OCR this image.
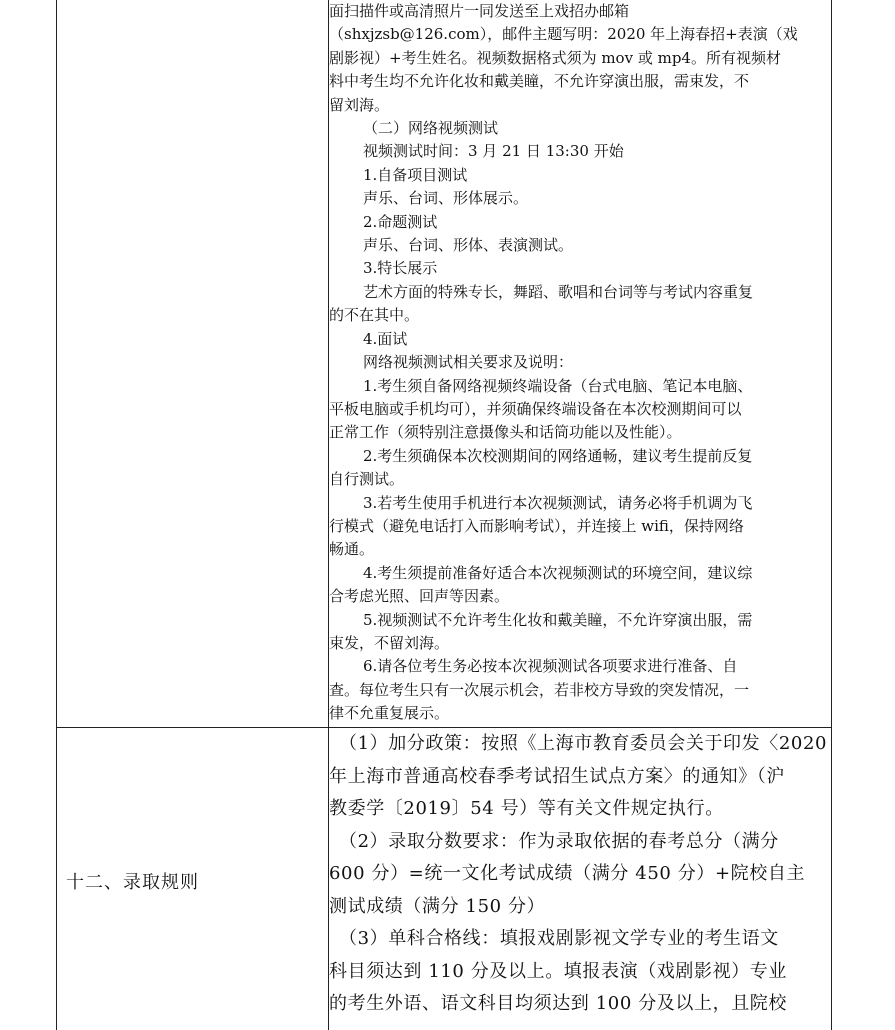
面扫描件或高清照片一同发送至上戏招办邮箱

（shxjzsb@126.com），邮件主题写明：2020 年上海春招+表演（戏

剧影视）+考生姓名。视频数据格式须为 mov 或 mp4。所有视频材

料中考生均不允许化妆和戴美瞳，不允许穿演出服，需束发，不

留刘海。

（二）网络视频测试

视频测试时间：3 月 21 日 13:30 开始

1.自备项目测试

声乐、台词、形体展示。

2.命题测试

声乐、台词、形体、表演测试。

3.特长展示

艺术方面的特殊专长，舞蹈、歌唱和台词等与考试内容重复

的不在其中。

4.面试

网络视频测试相关要求及说明：

1.考生须自备网络视频终端设备（台式电脑、笔记本电脑、

平板电脑或手机均可），并须确保终端设备在本次校测期间可以

正常工作（须特别注意摄像头和话筒功能以及性能）。

2.考生须确保本次校测期间的网络通畅，建议考生提前反复

自行测试。

3.若考生使用手机进行本次视频测试，请务必将手机调为飞

行模式（避免电话打入而影响考试），并连接上 wifi，保持网络

畅通。

4.考生须提前准备好适合本次视频测试的环境空间，建议综

合考虑光照、回声等因素。

5.视频测试不允许考生化妆和戴美瞳，不允许穿演出服，需

束发，不留刘海。

6.请各位考生务必按本次视频测试各项要求进行准备、自

查。每位考生只有一次展示机会，若非校方导致的突发情况，一

律不允重复展示。

十二、录取规则

（1）加分政策：按照《上海市教育委员会关于印发〈2020

年上海市普通高校春季考试招生试点方案〉的通知》（沪

教委学〔2019〕54 号）等有关文件规定执行。

（2）录取分数要求：作为录取依据的春考总分（满分

600 分）=统一文化考试成绩（满分 450 分）+院校自主

测试成绩（满分 150 分）

（3）单科合格线：填报戏剧影视文学专业的考生语文

科目须达到 110 分及以上。填报表演（戏剧影视）专业

的考生外语、语文科目均须达到 100 分及以上，且院校
